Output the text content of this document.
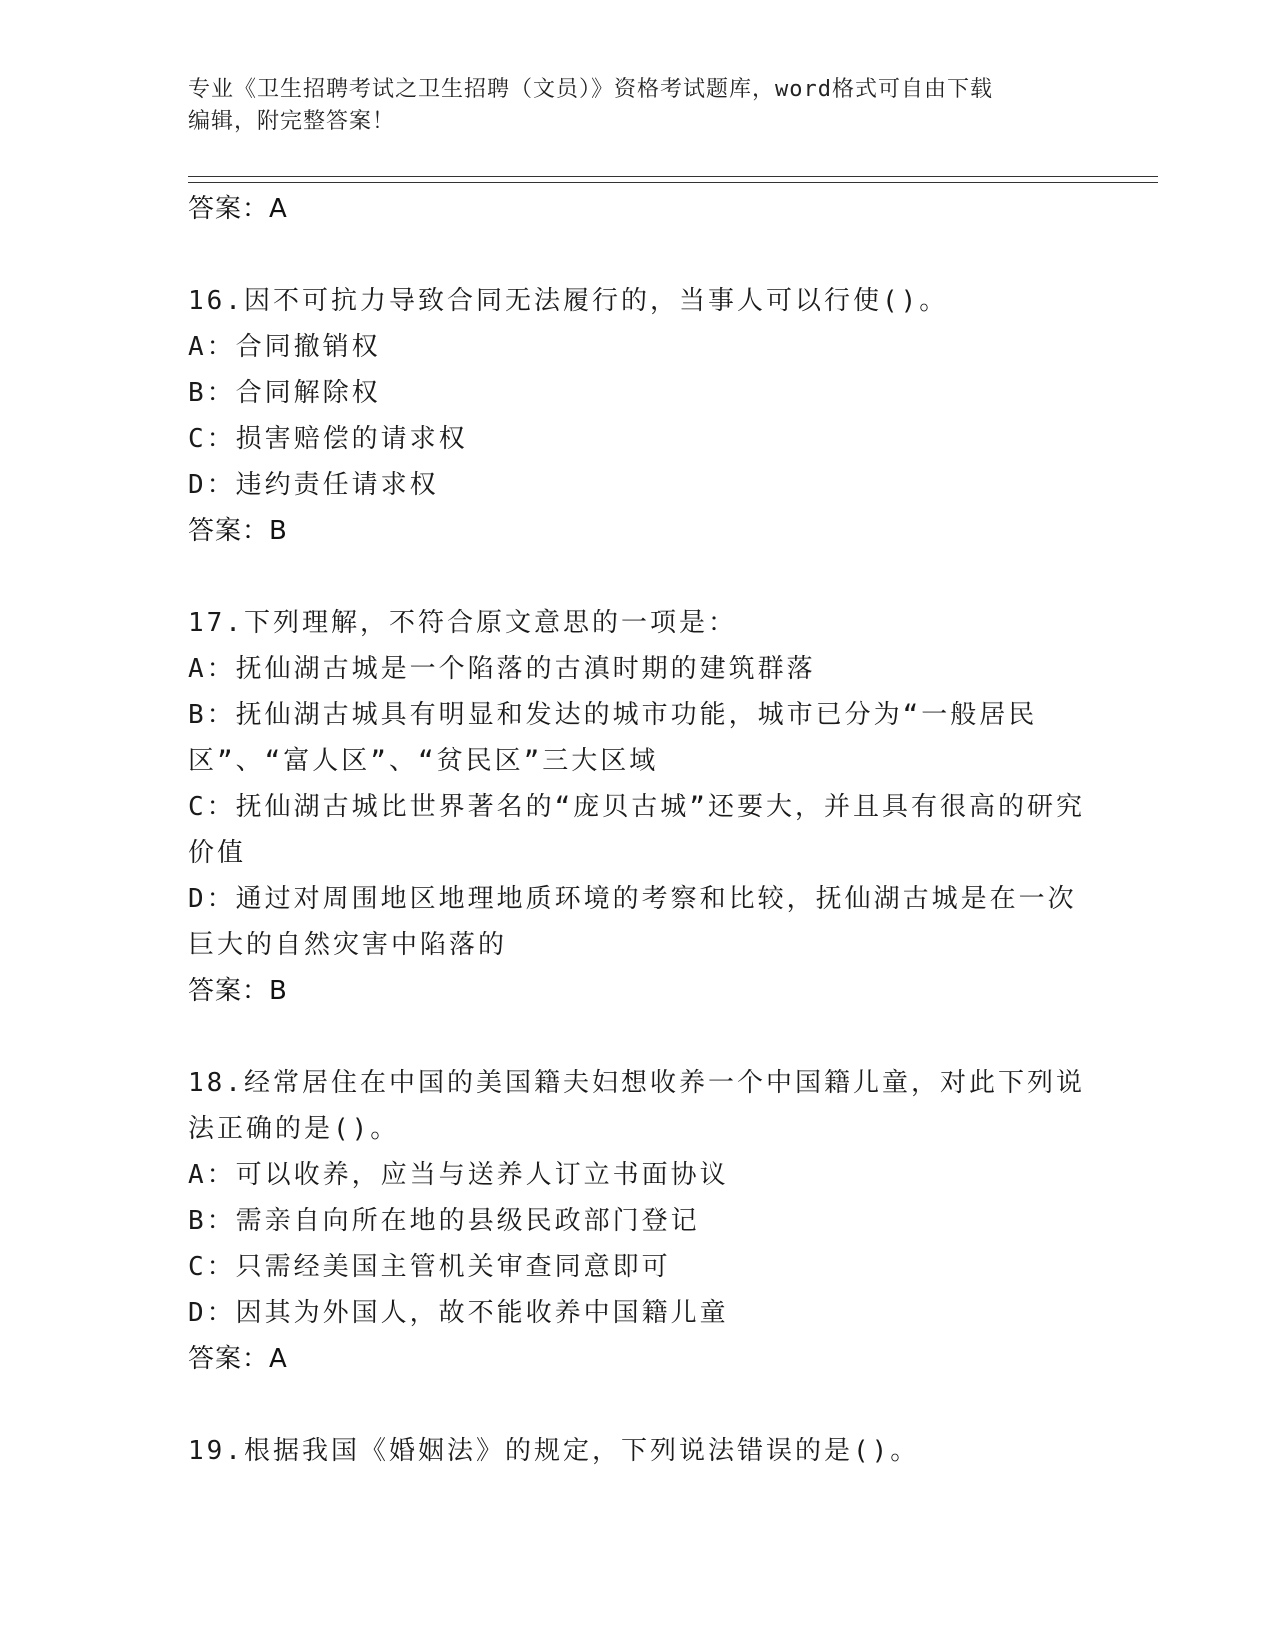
专业《卫生招聘考试之卫生招聘（文员）》资格考试题库，word格式可自由下载
编辑，附完整答案！

答案：A

16.因不可抗力导致合同无法履行的，当事人可以行使()。

A：合同撤销权

B：合同解除权

C：损害赔偿的请求权

D：违约责任请求权

答案：B

17.下列理解，不符合原文意思的一项是：

A：抚仙湖古城是一个陷落的古滇时期的建筑群落

B：抚仙湖古城具有明显和发达的城市功能，城市已分为“一般居民区”、“富人区”、“贫民区”三大区域

C：抚仙湖古城比世界著名的“庞贝古城”还要大，并且具有很高的研究价值

D：通过对周围地区地理地质环境的考察和比较，抚仙湖古城是在一次巨大的自然灾害中陷落的

答案：B

18.经常居住在中国的美国籍夫妇想收养一个中国籍儿童，对此下列说法正确的是()。

A：可以收养，应当与送养人订立书面协议

B：需亲自向所在地的县级民政部门登记

C：只需经美国主管机关审查同意即可

D：因其为外国人，故不能收养中国籍儿童

答案：A

19.根据我国《婚姻法》的规定，下列说法错误的是()。
